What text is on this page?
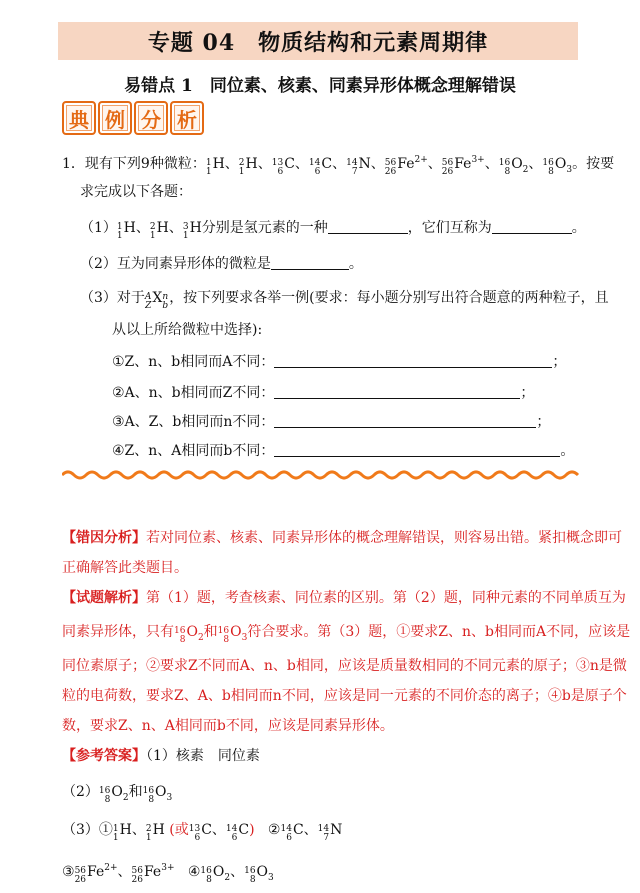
专题 04　物质结构和元素周期律
易错点 1　同位素、核素、同素异形体概念理解错误
典 例 分 析
1．现有下列9种微粒： 1
1 H、 2
1 H、 13
6 C、 14
6 C、 14
7 N、 56
26 $Fe^{2+}$、 56
26 $Fe^{3+}$、 16
8 $O_2$、 16
8 $O_3$。按要
求完成以下各题：
（1） 1
1 H、 2
1 H、 3
1 H分别是氢元素的一种	，它们互称为	。
（2）互为同素异形体的微粒是	。
（3）对于 A
Z X n
b ，按下列要求各举一例(要求：每小题分别写出符合题意的两种粒子，且
从以上所给微粒中选择):
①Z、n、b相同而A不同：	；
②A、n、b相同而Z不同：	；
③A、Z、b相同而n不同：	；
④Z、n、A相同而b不同：	。
【错因分析】若对同位素、核素、同素异形体的概念理解错误，则容易出错。紧扣概念即可
正确解答此类题目。
【试题解析】第（1）题，考查核素、同位素的区别。第（2）题，同种元素的不同单质互为
同素异形体，只有 16
8 $O_2$和 16
8 $O_3$符合要求。第（3）题，①要求Z、n、b相同而A不同，应该是
同位素原子；②要求Z不同而A、n、b相同，应该是质量数相同的不同元素的原子；③n是微
粒的电荷数，要求Z、A、b相同而n不同，应该是同一元素的不同价态的离子；④b是原子个
数，要求Z、n、A相同而b不同，应该是同素异形体。
【参考答案】（1）核素　同位素
（2） 16
8 $O_2$和 16
8 $O_3$
（3）① 1
1 H、 2
1 H (或 13
6 C、 14
6 C) ② 14
6 C、 14
7 N
③ 56
26 $Fe^{2+}$、 56
26 $Fe^{3+}$ ④ 16
8 $O_2$、 16
8 $O_3$
